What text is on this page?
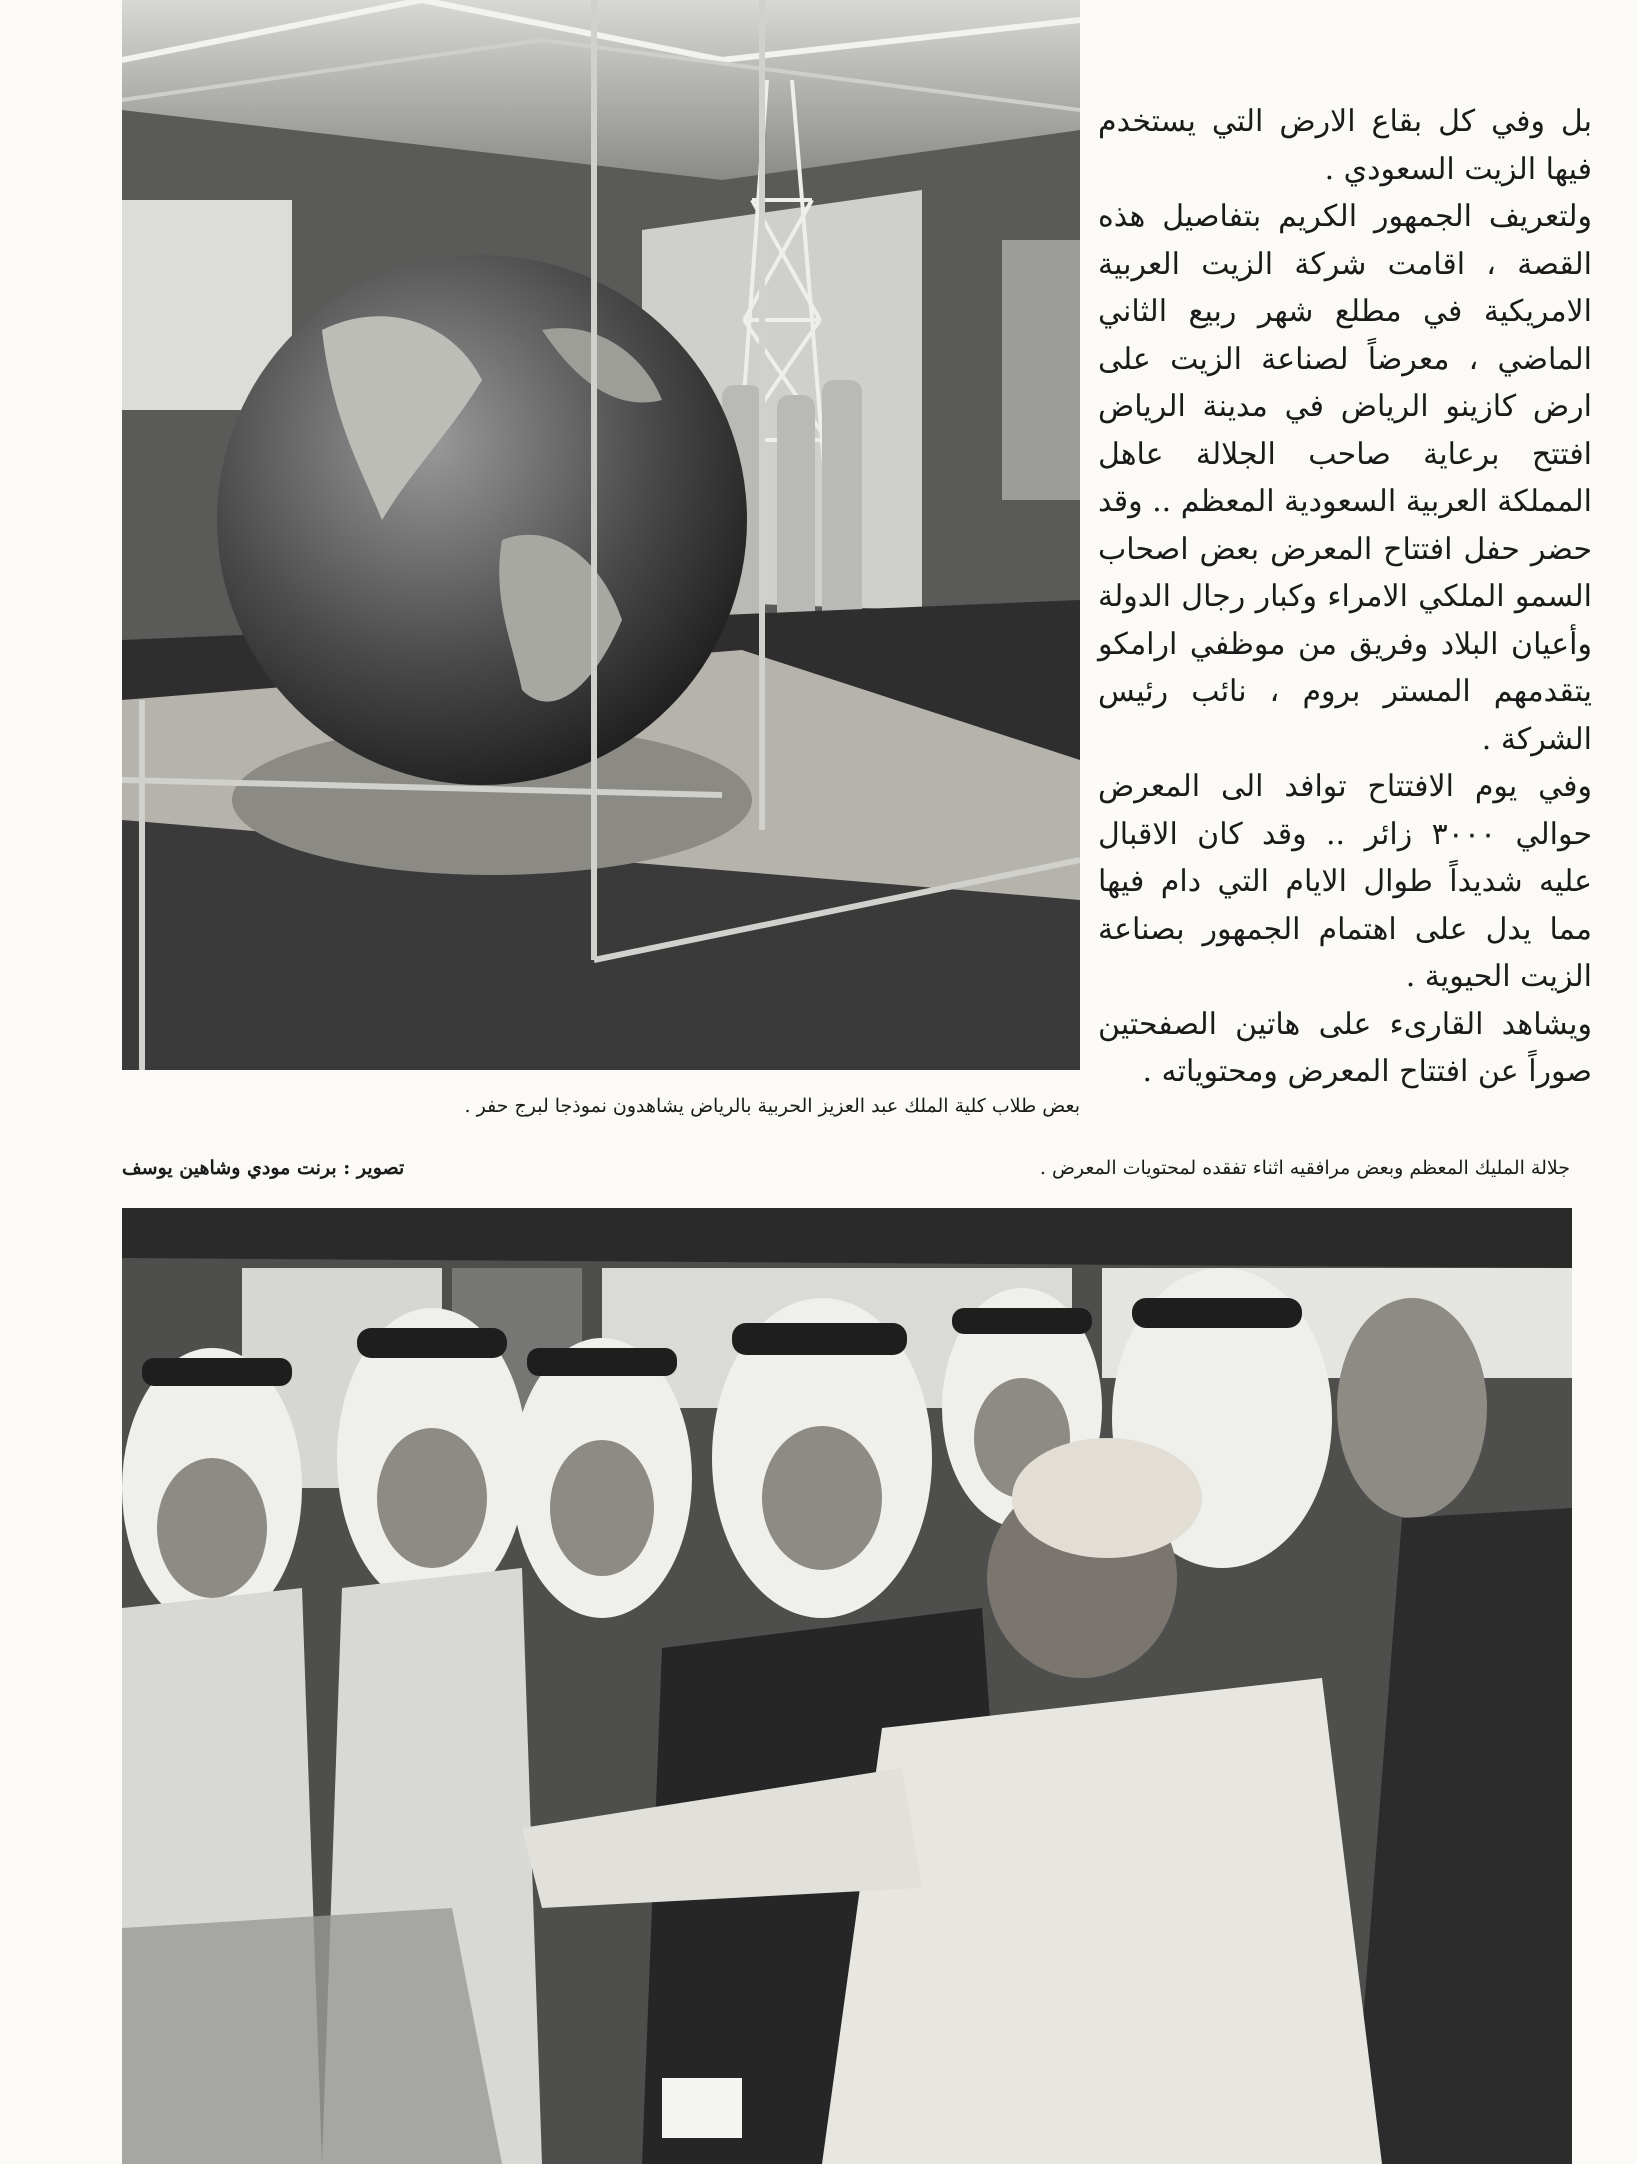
بل وفي كل بقاع الارض التي يستخدم فيها الزيت السعودي .

ولتعريف الجمهور الكريم بتفاصيل هذه القصة ، اقامت شركة الزيت العربية الامريكية في مطلع شهر ربيع الثاني الماضي ، معرضاً لصناعة الزيت على ارض كازينو الرياض في مدينة الرياض افتتح برعاية صاحب الجلالة عاهل المملكة العربية السعودية المعظم .. وقد حضر حفل افتتاح المعرض بعض اصحاب السمو الملكي الامراء وكبار رجال الدولة وأعيان البلاد وفريق من موظفي ارامكو يتقدمهم المستر بروم ، نائب رئيس الشركة .

وفي يوم الافتتاح توافد الى المعرض حوالي ٣٠٠٠ زائر .. وقد كان الاقبال عليه شديداً طوال الايام التي دام فيها مما يدل على اهتمام الجمهور بصناعة الزيت الحيوية .

ويشاهد القارىء على هاتين الصفحتين صوراً عن افتتاح المعرض ومحتوياته .

بعض طلاب كلية الملك عبد العزيز الحربية بالرياض يشاهدون نموذجا لبرج حفر .
جلالة المليك المعظم وبعض مرافقيه اثناء تفقده لمحتويات المعرض .
تصوير : برنت مودي وشاهين يوسف
